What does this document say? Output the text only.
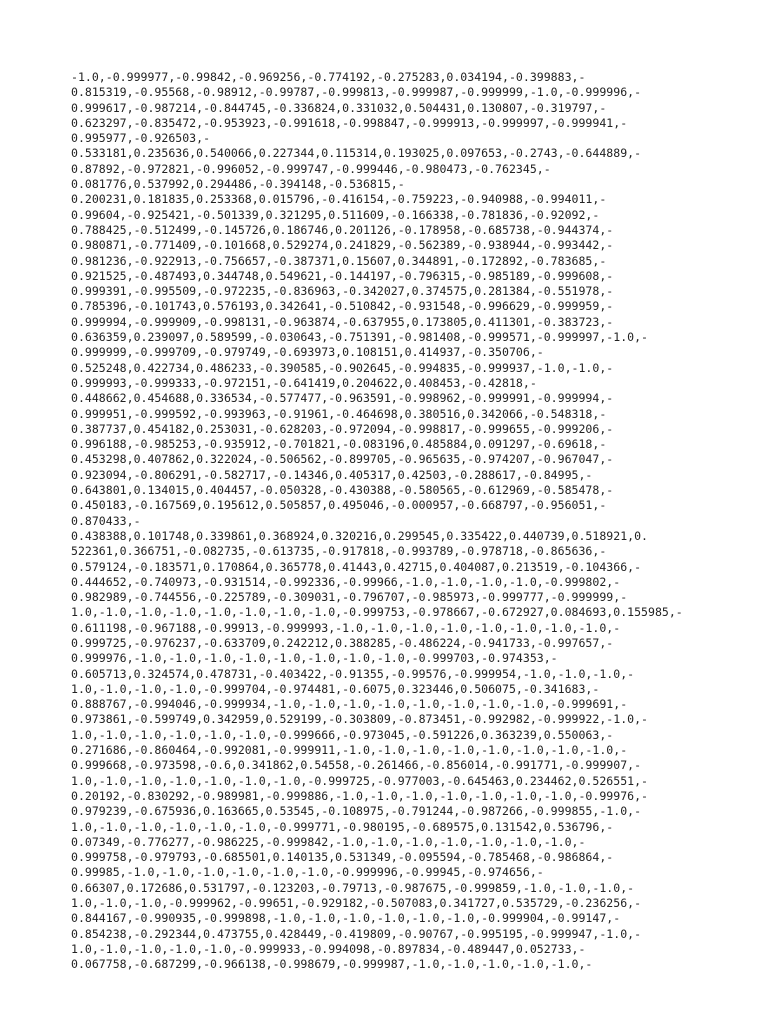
-1.0,-0.999977,-0.99842,-0.969256,-0.774192,-0.275283,0.034194,-0.399883,-
0.815319,-0.95568,-0.98912,-0.99787,-0.999813,-0.999987,-0.999999,-1.0,-0.999996,-
0.999617,-0.987214,-0.844745,-0.336824,0.331032,0.504431,0.130807,-0.319797,-
0.623297,-0.835472,-0.953923,-0.991618,-0.998847,-0.999913,-0.999997,-0.999941,-
0.995977,-0.926503,-
0.533181,0.235636,0.540066,0.227344,0.115314,0.193025,0.097653,-0.2743,-0.644889,-
0.87892,-0.972821,-0.996052,-0.999747,-0.999446,-0.980473,-0.762345,-
0.081776,0.537992,0.294486,-0.394148,-0.536815,-
0.200231,0.181835,0.253368,0.015796,-0.416154,-0.759223,-0.940988,-0.994011,-
0.99604,-0.925421,-0.501339,0.321295,0.511609,-0.166338,-0.781836,-0.92092,-
0.788425,-0.512499,-0.145726,0.186746,0.201126,-0.178958,-0.685738,-0.944374,-
0.980871,-0.771409,-0.101668,0.529274,0.241829,-0.562389,-0.938944,-0.993442,-
0.981236,-0.922913,-0.756657,-0.387371,0.15607,0.344891,-0.172892,-0.783685,-
0.921525,-0.487493,0.344748,0.549621,-0.144197,-0.796315,-0.985189,-0.999608,-
0.999391,-0.995509,-0.972235,-0.836963,-0.342027,0.374575,0.281384,-0.551978,-
0.785396,-0.101743,0.576193,0.342641,-0.510842,-0.931548,-0.996629,-0.999959,-
0.999994,-0.999909,-0.998131,-0.963874,-0.637955,0.173805,0.411301,-0.383723,-
0.636359,0.239097,0.589599,-0.030643,-0.751391,-0.981408,-0.999571,-0.999997,-1.0,-
0.999999,-0.999709,-0.979749,-0.693973,0.108151,0.414937,-0.350706,-
0.525248,0.422734,0.486233,-0.390585,-0.902645,-0.994835,-0.999937,-1.0,-1.0,-
0.999993,-0.999333,-0.972151,-0.641419,0.204622,0.408453,-0.42818,-
0.448662,0.454688,0.336534,-0.577477,-0.963591,-0.998962,-0.999991,-0.999994,-
0.999951,-0.999592,-0.993963,-0.91961,-0.464698,0.380516,0.342066,-0.548318,-
0.387737,0.454182,0.253031,-0.628203,-0.972094,-0.998817,-0.999655,-0.999206,-
0.996188,-0.985253,-0.935912,-0.701821,-0.083196,0.485884,0.091297,-0.69618,-
0.453298,0.407862,0.322024,-0.506562,-0.899705,-0.965635,-0.974207,-0.967047,-
0.923094,-0.806291,-0.582717,-0.14346,0.405317,0.42503,-0.288617,-0.84995,-
0.643801,0.134015,0.404457,-0.050328,-0.430388,-0.580565,-0.612969,-0.585478,-
0.450183,-0.167569,0.195612,0.505857,0.495046,-0.000957,-0.668797,-0.956051,-
0.870433,-
0.438388,0.101748,0.339861,0.368924,0.320216,0.299545,0.335422,0.440739,0.518921,0.
522361,0.366751,-0.082735,-0.613735,-0.917818,-0.993789,-0.978718,-0.865636,-
0.579124,-0.183571,0.170864,0.365778,0.41443,0.42715,0.404087,0.213519,-0.104366,-
0.444652,-0.740973,-0.931514,-0.992336,-0.99966,-1.0,-1.0,-1.0,-1.0,-0.999802,-
0.982989,-0.744556,-0.225789,-0.309031,-0.796707,-0.985973,-0.999777,-0.999999,-
1.0,-1.0,-1.0,-1.0,-1.0,-1.0,-1.0,-1.0,-0.999753,-0.978667,-0.672927,0.084693,0.155985,-
0.611198,-0.967188,-0.99913,-0.999993,-1.0,-1.0,-1.0,-1.0,-1.0,-1.0,-1.0,-1.0,-
0.999725,-0.976237,-0.633709,0.242212,0.388285,-0.486224,-0.941733,-0.997657,-
0.999976,-1.0,-1.0,-1.0,-1.0,-1.0,-1.0,-1.0,-1.0,-0.999703,-0.974353,-
0.605713,0.324574,0.478731,-0.403422,-0.91355,-0.99576,-0.999954,-1.0,-1.0,-1.0,-
1.0,-1.0,-1.0,-1.0,-0.999704,-0.974481,-0.6075,0.323446,0.506075,-0.341683,-
0.888767,-0.994046,-0.999934,-1.0,-1.0,-1.0,-1.0,-1.0,-1.0,-1.0,-1.0,-0.999691,-
0.973861,-0.599749,0.342959,0.529199,-0.303809,-0.873451,-0.992982,-0.999922,-1.0,-
1.0,-1.0,-1.0,-1.0,-1.0,-1.0,-0.999666,-0.973045,-0.591226,0.363239,0.550063,-
0.271686,-0.860464,-0.992081,-0.999911,-1.0,-1.0,-1.0,-1.0,-1.0,-1.0,-1.0,-1.0,-
0.999668,-0.973598,-0.6,0.341862,0.54558,-0.261466,-0.856014,-0.991771,-0.999907,-
1.0,-1.0,-1.0,-1.0,-1.0,-1.0,-1.0,-0.999725,-0.977003,-0.645463,0.234462,0.526551,-
0.20192,-0.830292,-0.989981,-0.999886,-1.0,-1.0,-1.0,-1.0,-1.0,-1.0,-1.0,-0.99976,-
0.979239,-0.675936,0.163665,0.53545,-0.108975,-0.791244,-0.987266,-0.999855,-1.0,-
1.0,-1.0,-1.0,-1.0,-1.0,-1.0,-0.999771,-0.980195,-0.689575,0.131542,0.536796,-
0.07349,-0.776277,-0.986225,-0.999842,-1.0,-1.0,-1.0,-1.0,-1.0,-1.0,-1.0,-
0.999758,-0.979793,-0.685501,0.140135,0.531349,-0.095594,-0.785468,-0.986864,-
0.99985,-1.0,-1.0,-1.0,-1.0,-1.0,-1.0,-0.999996,-0.99945,-0.974656,-
0.66307,0.172686,0.531797,-0.123203,-0.79713,-0.987675,-0.999859,-1.0,-1.0,-1.0,-
1.0,-1.0,-1.0,-0.999962,-0.99651,-0.929182,-0.507083,0.341727,0.535729,-0.236256,-
0.844167,-0.990935,-0.999898,-1.0,-1.0,-1.0,-1.0,-1.0,-1.0,-0.999904,-0.99147,-
0.854238,-0.292344,0.473755,0.428449,-0.419809,-0.90767,-0.995195,-0.999947,-1.0,-
1.0,-1.0,-1.0,-1.0,-1.0,-0.999933,-0.994098,-0.897834,-0.489447,0.052733,-
0.067758,-0.687299,-0.966138,-0.998679,-0.999987,-1.0,-1.0,-1.0,-1.0,-1.0,-
